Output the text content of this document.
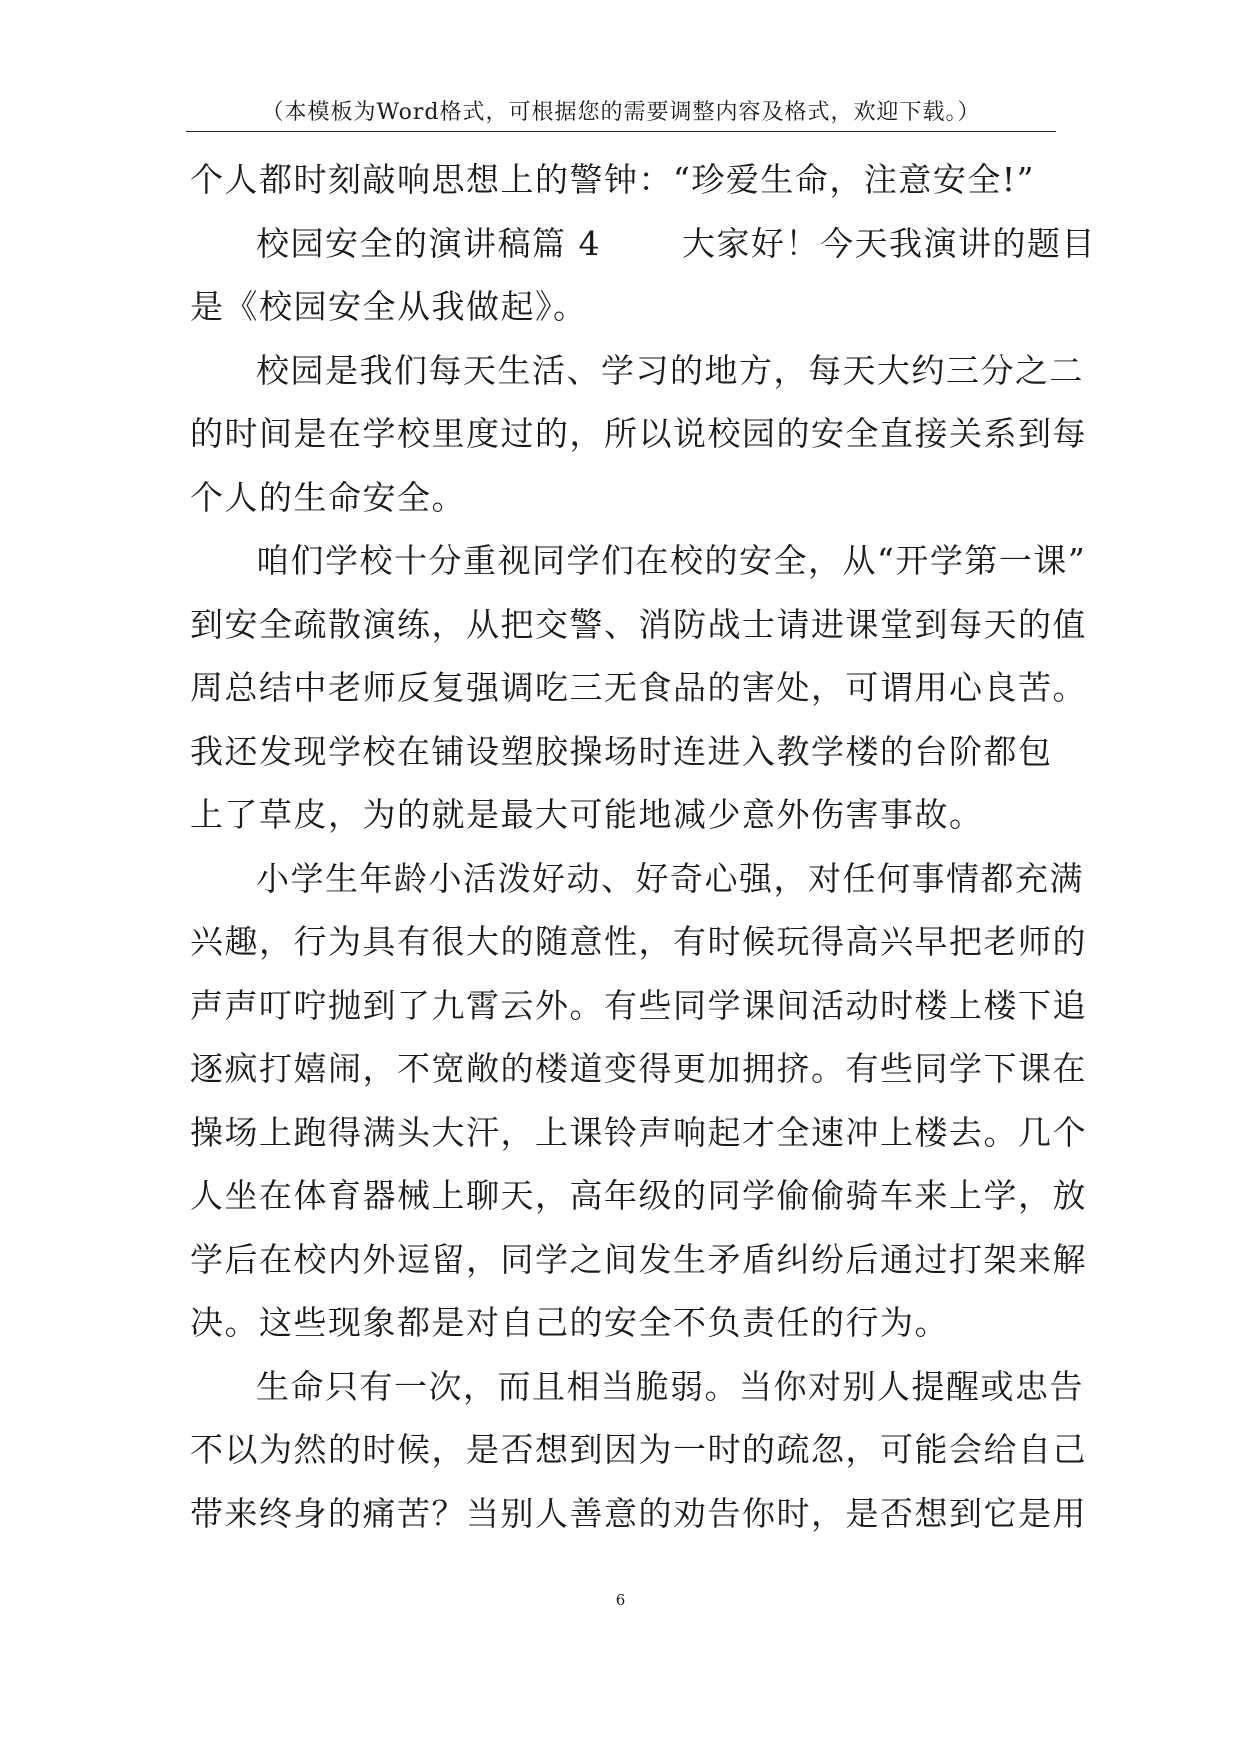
（本模板为Word格式，可根据您的需要调整内容及格式，欢迎下载。）
个人都时刻敲响思想上的警钟：“珍爱生命，注意安全!”
校园安全的演讲稿篇 4　　 大家好！今天我演讲的题目
是《校园安全从我做起》。
校园是我们每天生活、学习的地方，每天大约三分之二
的时间是在学校里度过的，所以说校园的安全直接关系到每
个人的生命安全。
咱们学校十分重视同学们在校的安全，从“开学第一课”
到安全疏散演练，从把交警、消防战士请进课堂到每天的值
周总结中老师反复强调吃三无食品的害处，可谓用心良苦。
我还发现学校在铺设塑胶操场时连进入教学楼的台阶都包
上了草皮，为的就是最大可能地减少意外伤害事故。
小学生年龄小活泼好动、好奇心强，对任何事情都充满
兴趣，行为具有很大的随意性，有时候玩得高兴早把老师的
声声叮咛抛到了九霄云外。有些同学课间活动时楼上楼下追
逐疯打嬉闹，不宽敞的楼道变得更加拥挤。有些同学下课在
操场上跑得满头大汗，上课铃声响起才全速冲上楼去。几个
人坐在体育器械上聊天，高年级的同学偷偷骑车来上学，放
学后在校内外逗留，同学之间发生矛盾纠纷后通过打架来解
决。这些现象都是对自己的安全不负责任的行为。
生命只有一次，而且相当脆弱。当你对别人提醒或忠告
不以为然的时候，是否想到因为一时的疏忽，可能会给自己
带来终身的痛苦？当别人善意的劝告你时，是否想到它是用
6
